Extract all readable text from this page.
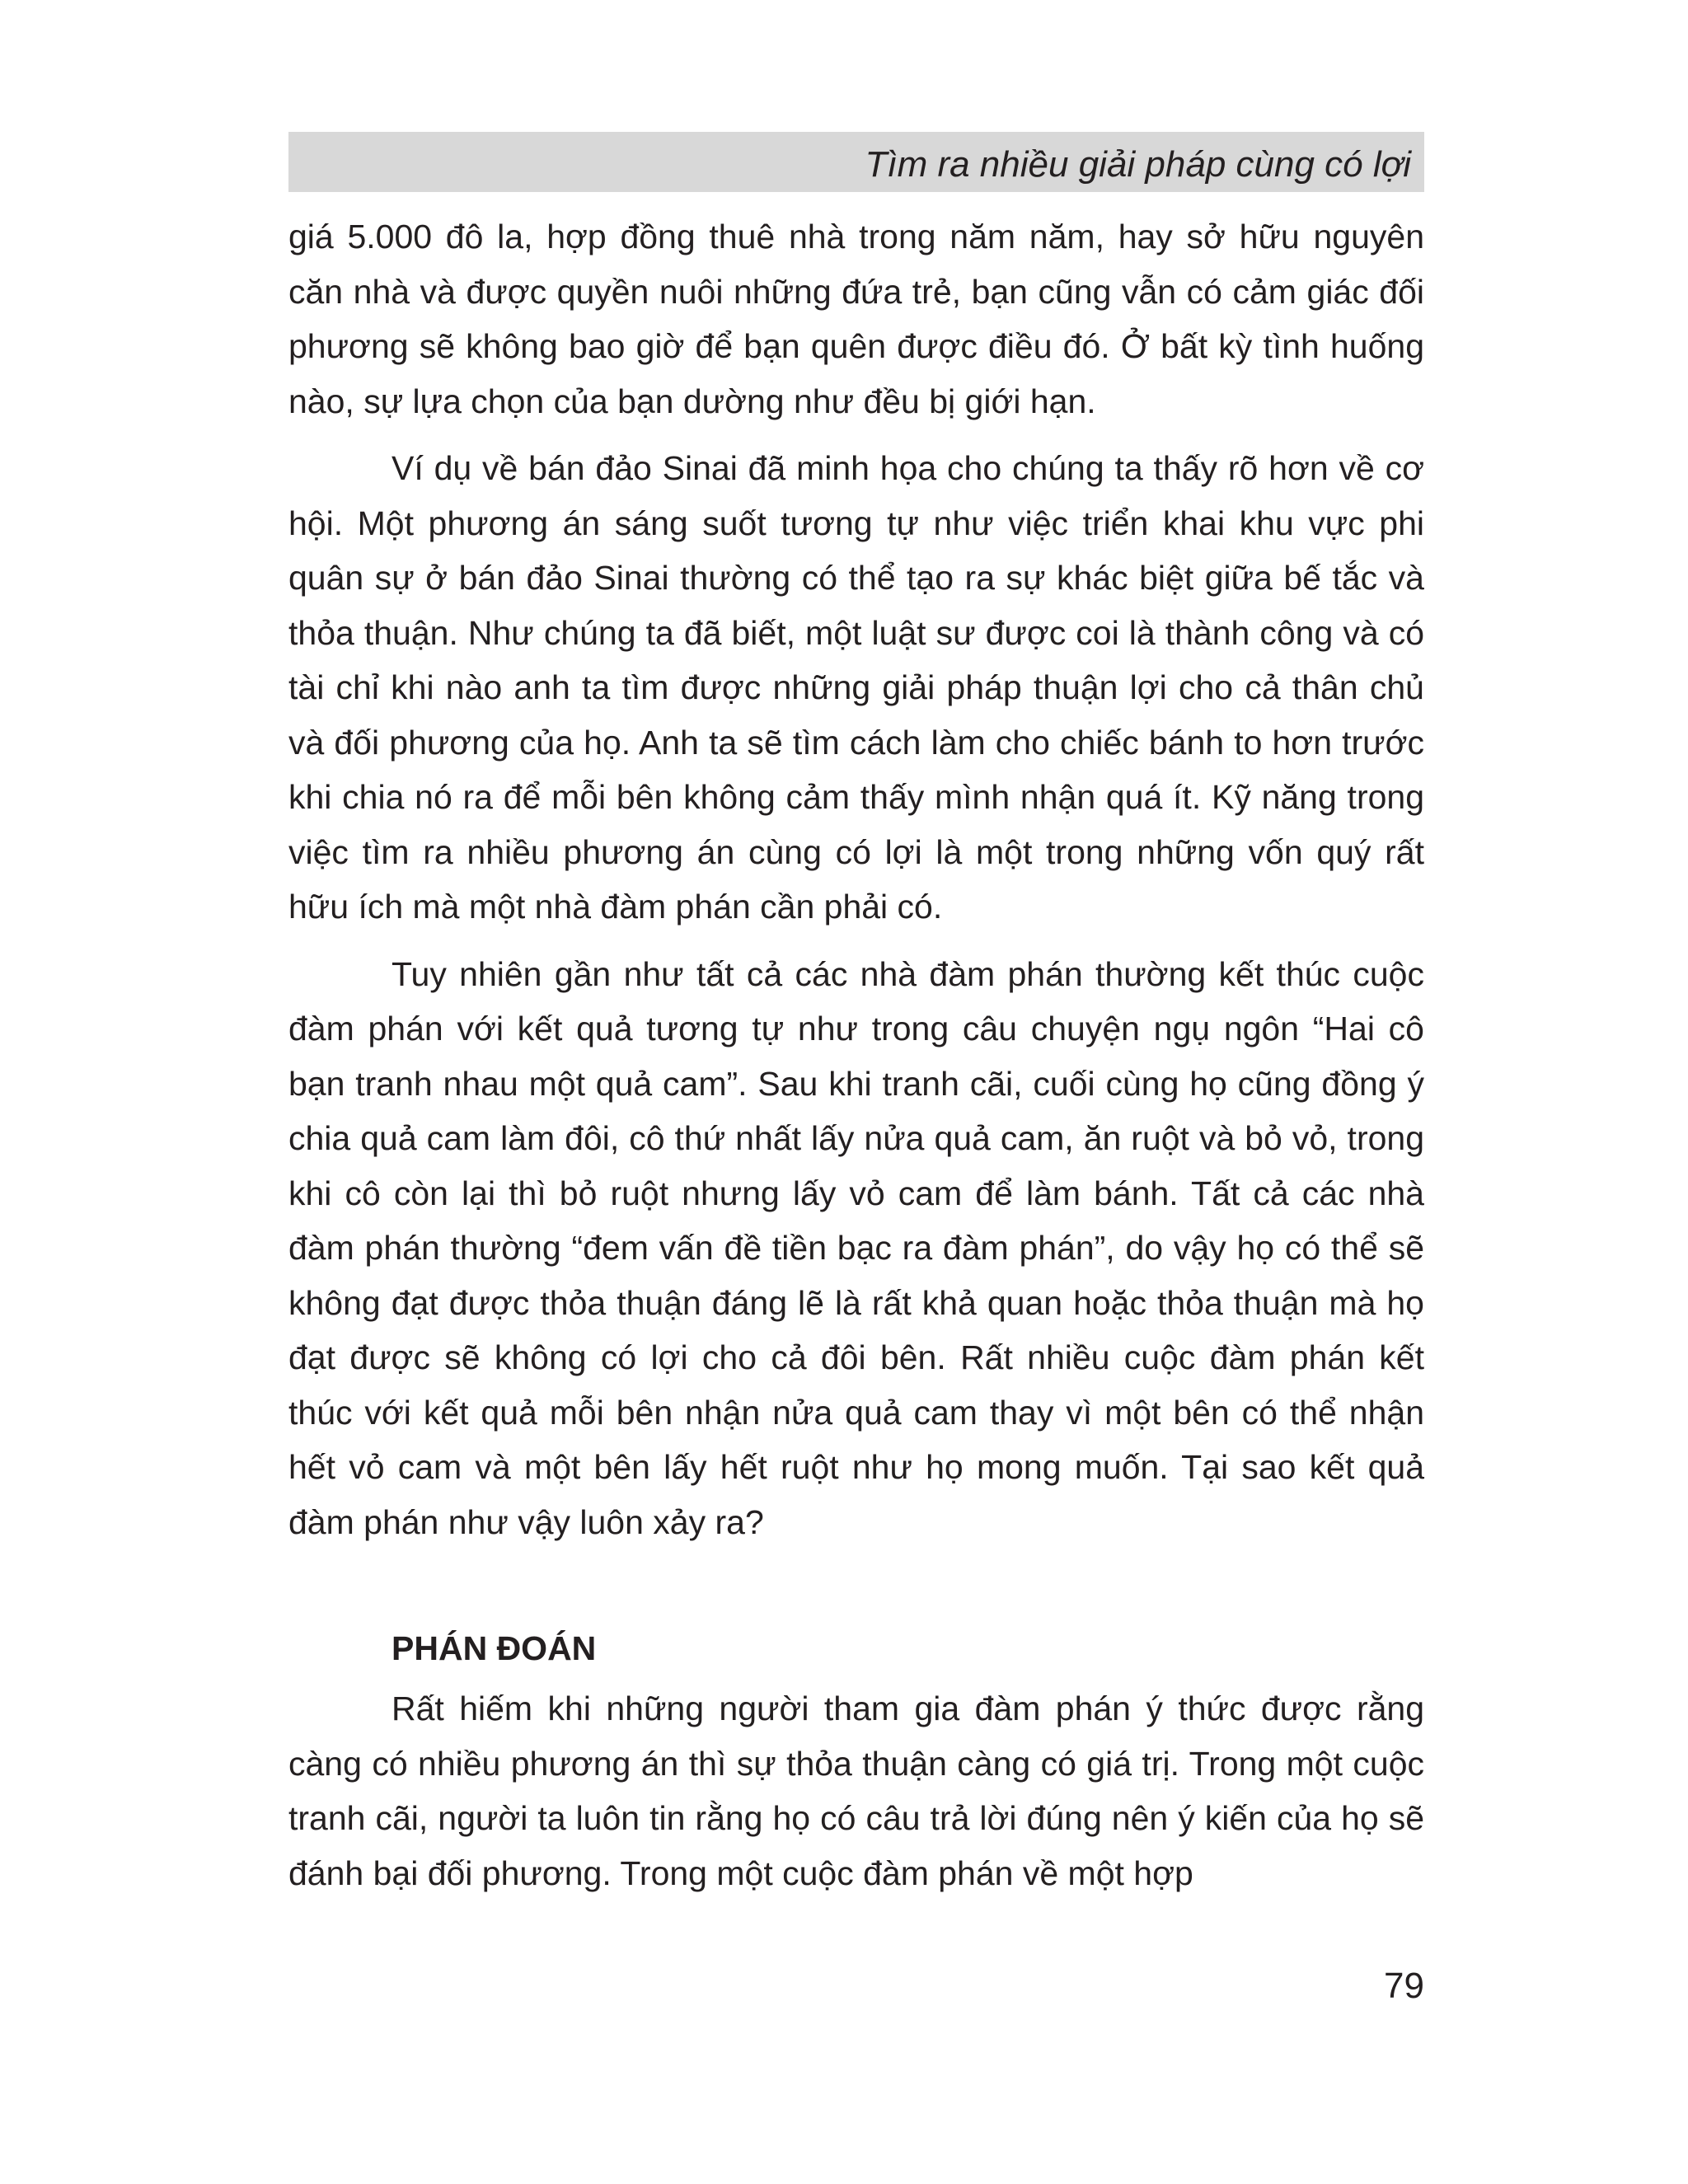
Tìm ra nhiều giải pháp cùng có lợi

giá 5.000 đô la, hợp đồng thuê nhà trong năm năm, hay sở hữu nguyên căn nhà và được quyền nuôi những đứa trẻ, bạn cũng vẫn có cảm giác đối phương sẽ không bao giờ để bạn quên được điều đó. Ở bất kỳ tình huống nào, sự lựa chọn của bạn dường như đều bị giới hạn.

Ví dụ về bán đảo Sinai đã minh họa cho chúng ta thấy rõ hơn về cơ hội. Một phương án sáng suốt tương tự như việc triển khai khu vực phi quân sự ở bán đảo Sinai thường có thể tạo ra sự khác biệt giữa bế tắc và thỏa thuận. Như chúng ta đã biết, một luật sư được coi là thành công và có tài chỉ khi nào anh ta tìm được những giải pháp thuận lợi cho cả thân chủ và đối phương của họ. Anh ta sẽ tìm cách làm cho chiếc bánh to hơn trước khi chia nó ra để mỗi bên không cảm thấy mình nhận quá ít. Kỹ năng trong việc tìm ra nhiều phương án cùng có lợi là một trong những vốn quý rất hữu ích mà một nhà đàm phán cần phải có.

Tuy nhiên gần như tất cả các nhà đàm phán thường kết thúc cuộc đàm phán với kết quả tương tự như trong câu chuyện ngụ ngôn “Hai cô bạn tranh nhau một quả cam”. Sau khi tranh cãi, cuối cùng họ cũng đồng ý chia quả cam làm đôi, cô thứ nhất lấy nửa quả cam, ăn ruột và bỏ vỏ, trong khi cô còn lại thì bỏ ruột nhưng lấy vỏ cam để làm bánh. Tất cả các nhà đàm phán thường “đem vấn đề tiền bạc ra đàm phán”, do vậy họ có thể sẽ không đạt được thỏa thuận đáng lẽ là rất khả quan hoặc thỏa thuận mà họ đạt được sẽ không có lợi cho cả đôi bên. Rất nhiều cuộc đàm phán kết thúc với kết quả mỗi bên nhận nửa quả cam thay vì một bên có thể nhận hết vỏ cam và một bên lấy hết ruột như họ mong muốn. Tại sao kết quả đàm phán như vậy luôn xảy ra?

PHÁN ĐOÁN

Rất hiếm khi những người tham gia đàm phán ý thức được rằng càng có nhiều phương án thì sự thỏa thuận càng có giá trị. Trong một cuộc tranh cãi, người ta luôn tin rằng họ có câu trả lời đúng nên ý kiến của họ sẽ đánh bại đối phương. Trong một cuộc đàm phán về một hợp

79
